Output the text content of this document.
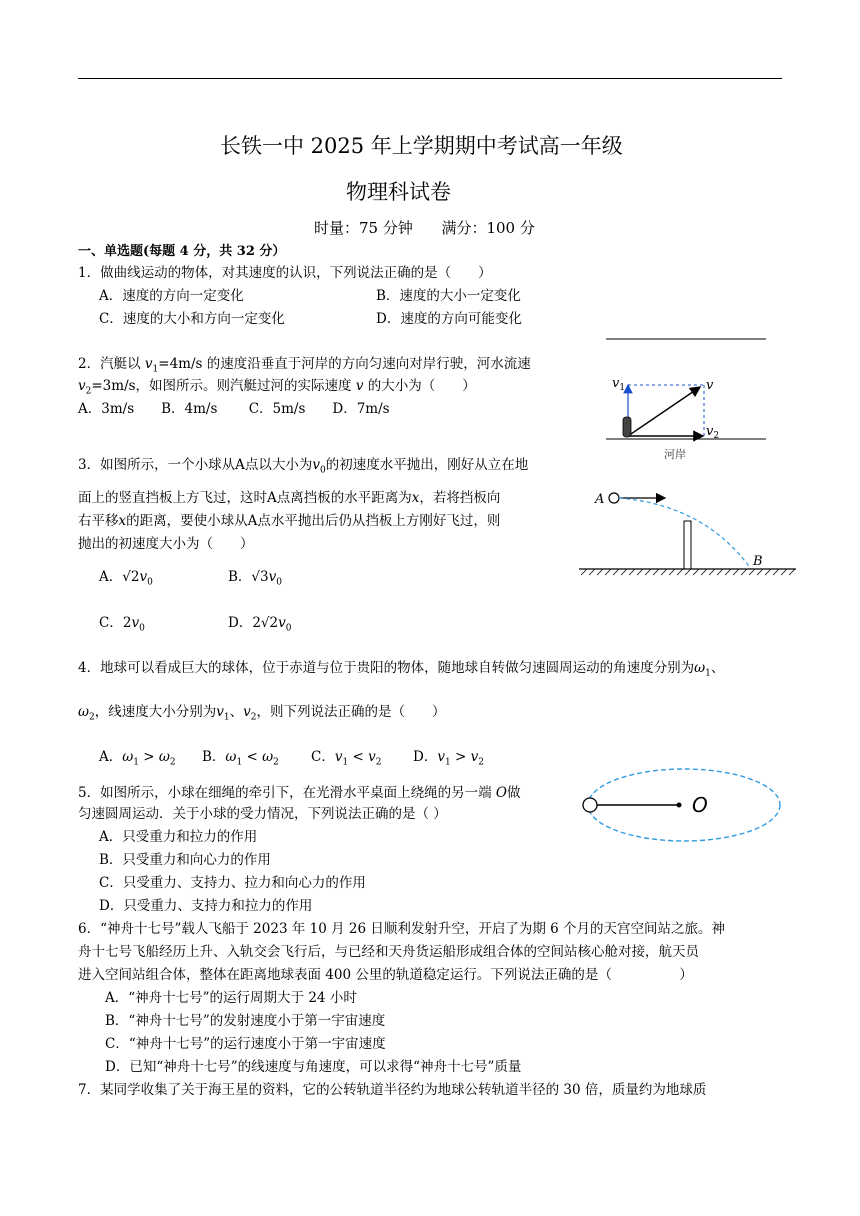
长铁一中 2025 年上学期期中考试高一年级
物理科试卷
时量：75 分钟      满分：100 分
一、单选题(每题 4 分，共 32 分）
1．做曲线运动的物体，对其速度的认识，下列说法正确的是（　　）
A．速度的方向一定变化	B．速度的大小一定变化
C．速度的大小和方向一定变化	D．速度的方向可能变化
2．汽艇以 $v_1=4m/s$ 的速度沿垂直于河岸的方向匀速向对岸行驶，河水流速
$v_2=3m/s$，如图所示。则汽艇过河的实际速度 v 的大小为（　　）
A．3m/s　　B．4m/s　　 C．5m/s　　D．7m/s
$v_1$	v
$v_2$
河岸
3．如图所示，一个小球从A点以大小为$v_0$的初速度水平抛出，刚好从立在地
面上的竖直挡板上方飞过，这时A点离挡板的水平距离为x，若将挡板向
右平移x的距离，要使小球从A点水平抛出后仍从挡板上方刚好飞过，则
抛出的初速度大小为（　　）
A．$√2v_0$	B．$√3v_0$
C．$2v_0$	D．$2√2v_0$
A
B
4．地球可以看成巨大的球体，位于赤道与位于贵阳的物体，随地球自转做匀速圆周运动的角速度分别为$\omega_1$、
$\omega_2$，线速度大小分别为$v_1$、$v_2$，则下列说法正确的是（　　）
A．$\omega_1 > \omega_2$ B．$\omega_1 < \omega_2$ C．$v_1 < v_2$ D．$v_1 > v_2$
5．如图所示，小球在细绳的牵引下，在光滑水平桌面上绕绳的另一端 O做
匀速圆周运动．关于小球的受力情况，下列说法正确的是（ ）
A．只受重力和拉力的作用
B．只受重力和向心力的作用
C．只受重力、支持力、拉力和向心力的作用
D．只受重力、支持力和拉力的作用
O
6．“神舟十七号”载人飞船于 2023 年 10 月 26 日顺利发射升空，开启了为期 6 个月的天宫空间站之旅。神
舟十七号飞船经历上升、入轨交会飞行后，与已经和天舟货运船形成组合体的空间站核心舱对接，航天员
进入空间站组合体，整体在距离地球表面 400 公里的轨道稳定运行。下列说法正确的是（　　　　　）
A．“神舟十七号”的运行周期大于 24 小时
B．“神舟十七号”的发射速度小于第一宇宙速度
C．“神舟十七号”的运行速度小于第一宇宙速度
D．已知“神舟十七号”的线速度与角速度，可以求得“神舟十七号”质量
7．某同学收集了关于海王星的资料，它的公转轨道半径约为地球公转轨道半径的 30 倍，质量约为地球质
